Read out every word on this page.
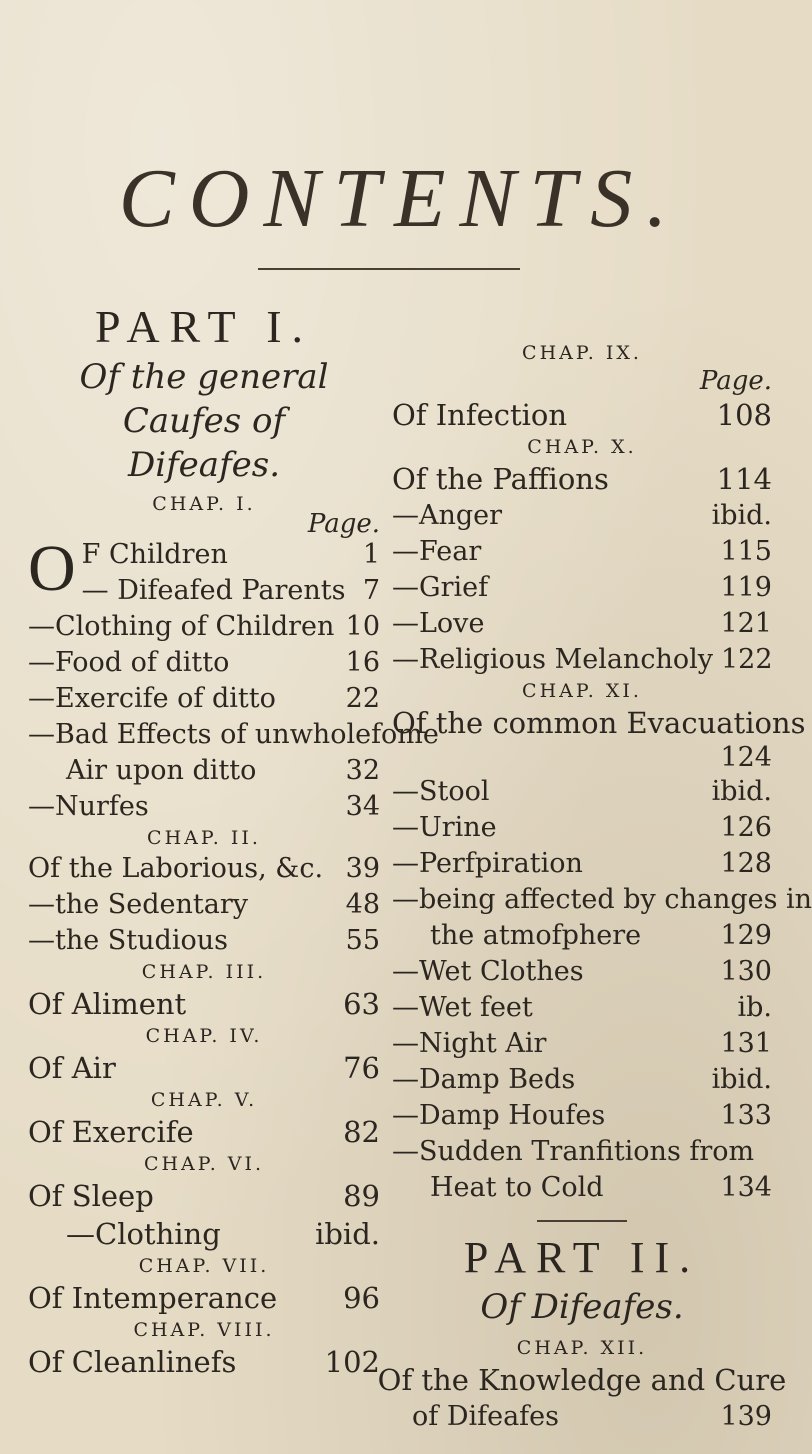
CONTENTS.
PART I.
Of the general Caufes of
Difeafes.
CHAP. I.
Page.
O F Children	1
— Difeafed Parents 7
—Clothing of Children 10
—Food of ditto	16
—Exercife of ditto	22
—Bad Effects of unwholefome
Air upon ditto	32
—Nurfes	34
CHAP. II.
Of the Laborious, &c. 39
—the Sedentary	48
—the Studious	55
CHAP. III.
Of Aliment	63
CHAP. IV.
Of Air	76
CHAP. V.
Of Exercife	82
CHAP. VI.
Of Sleep	89
—Clothing	ibid.
CHAP. VII.
Of Intemperance 96
CHAP. VIII.
Of Cleanlinefs	102
CHAP. IX.
Page.
Of Infection	108
CHAP. X.
Of the Paffions	114
—Anger	ibid.
—Fear	115
—Grief	119
—Love	121
—Religious Melancholy 122
CHAP. XI.
Of the common Evacuations
124
—Stool	ibid.
—Urine	126
—Perfpiration	128
—being affected by changes in
the atmofphere	129
—Wet Clothes	130
—Wet feet	ib.
—Night Air	131
—Damp Beds	ibid.
—Damp Houfes	133
—Sudden Tranfitions from
Heat to Cold	134
PART II.
Of Difeafes.
CHAP. XII.
Of the Knowledge and Cure
of Difeafes	139
